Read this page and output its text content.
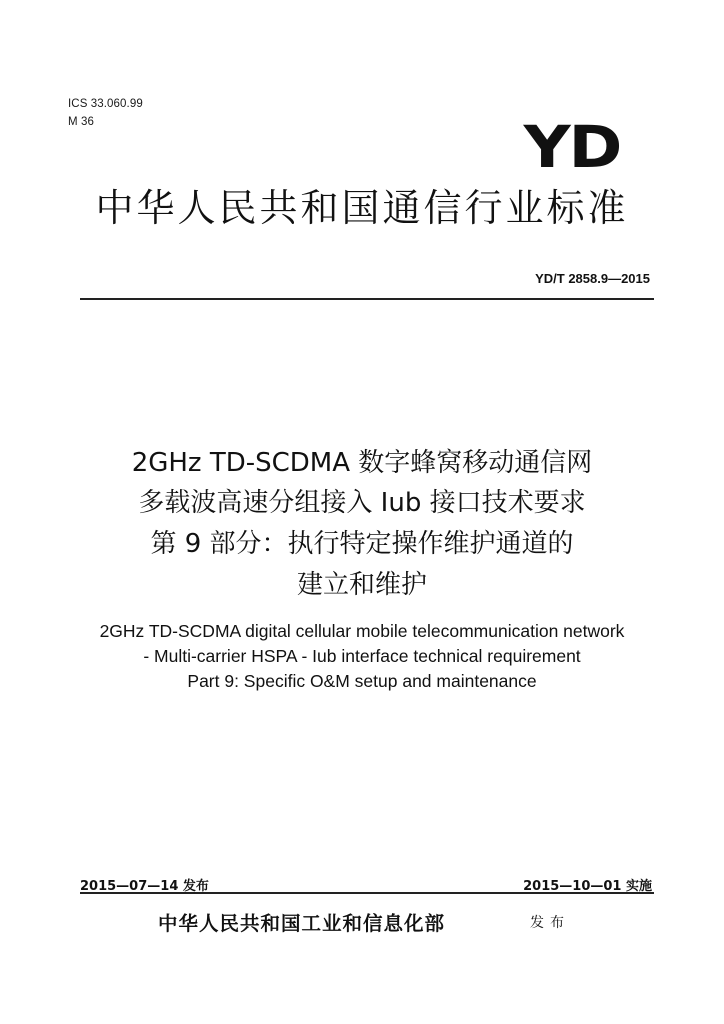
ICS 33.060.99
M 36	YD
中华人民共和国通信行业标准
YD/T 2858.9—2015
2GHz TD-SCDMA 数字蜂窝移动通信网
多载波高速分组接入 Iub 接口技术要求
第 9 部分：执行特定操作维护通道的
建立和维护
2GHz TD-SCDMA digital cellular mobile telecommunication network
- Multi-carrier HSPA - Iub interface technical requirement
Part 9: Specific O&M setup and maintenance
2015—07—14 发布	2015—10—01 实施
中华人民共和国工业和信息化部	发布
